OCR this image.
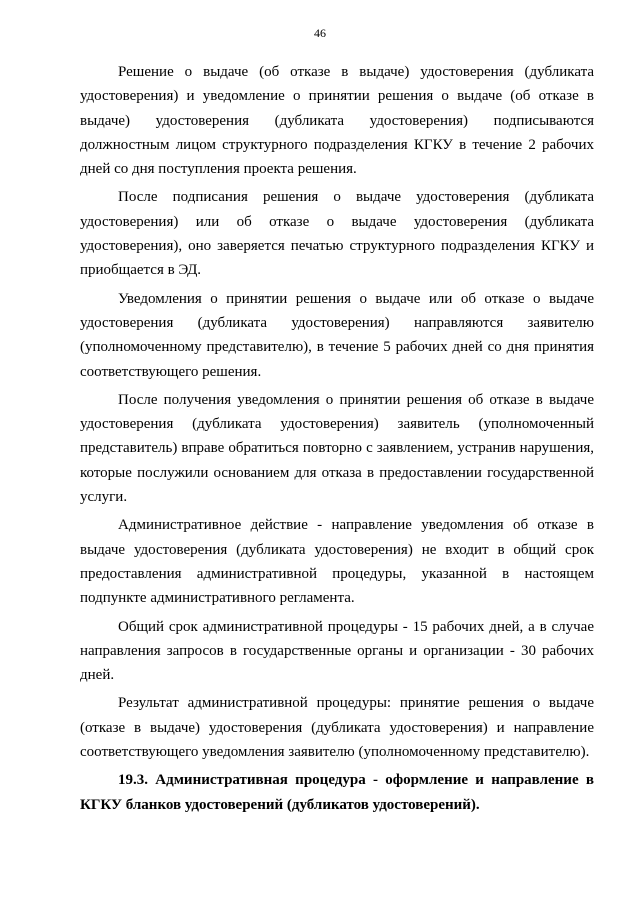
46

Решение о выдаче (об отказе в выдаче) удостоверения (дубликата удостоверения) и уведомление о принятии решения о выдаче (об отказе в выдаче) удостоверения (дубликата удостоверения) подписываются должностным лицом структурного подразделения КГКУ в течение 2 рабочих дней со дня поступления проекта решения.

После подписания решения о выдаче удостоверения (дубликата удостоверения) или об отказе о выдаче удостоверения (дубликата удостоверения), оно заверяется печатью структурного подразделения КГКУ и приобщается в ЭД.

Уведомления о принятии решения о выдаче или об отказе о выдаче удостоверения (дубликата удостоверения) направляются заявителю (уполномоченному представителю), в течение 5 рабочих дней со дня принятия соответствующего решения.

После получения уведомления о принятии решения об отказе в выдаче удостоверения (дубликата удостоверения) заявитель (уполномоченный представитель) вправе обратиться повторно с заявлением, устранив нарушения, которые послужили основанием для отказа в предоставлении государственной услуги.

Административное действие - направление уведомления об отказе в выдаче удостоверения (дубликата удостоверения) не входит в общий срок предоставления административной процедуры, указанной в настоящем подпункте административного регламента.

Общий срок административной процедуры - 15 рабочих дней, а в случае направления запросов в государственные органы и организации - 30 рабочих дней.

Результат административной процедуры: принятие решения о выдаче (отказе в выдаче) удостоверения (дубликата удостоверения) и направление соответствующего уведомления заявителю (уполномоченному представителю).

19.3. Административная процедура - оформление и направление в КГКУ бланков удостоверений (дубликатов удостоверений).
